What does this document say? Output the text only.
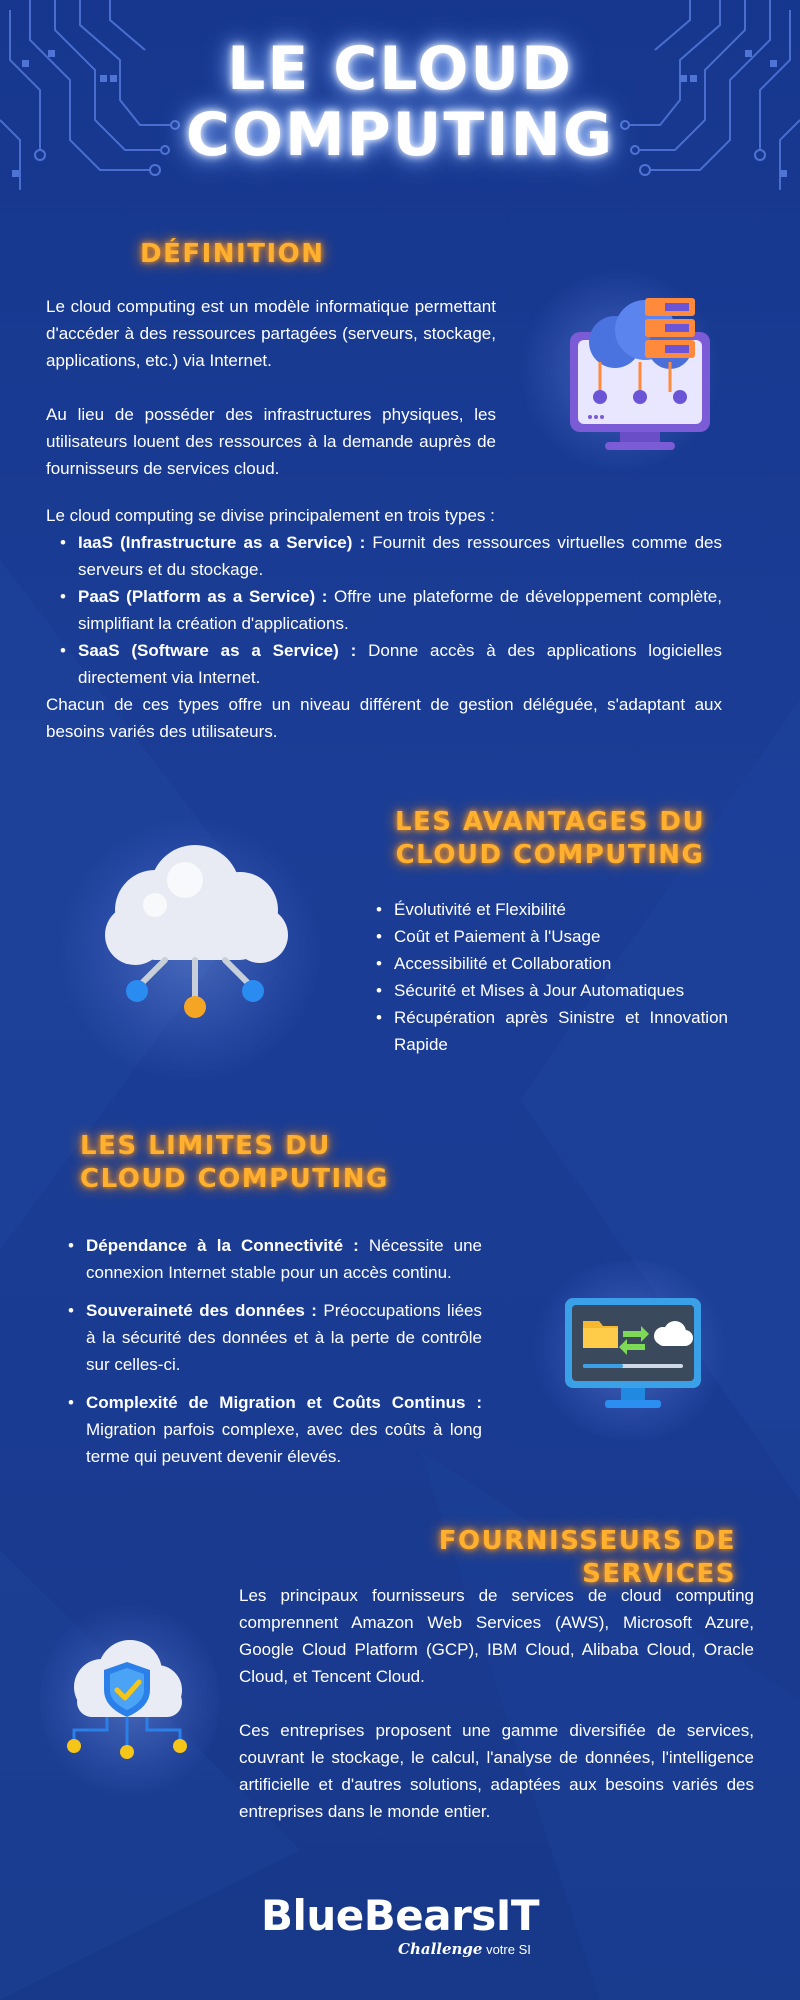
LE CLOUD
COMPUTING
DÉFINITION

Le cloud computing est un modèle informatique permettant d'accéder à des ressources partagées (serveurs, stockage, applications, etc.) via Internet.

Au lieu de posséder des infrastructures physiques, les utilisateurs louent des ressources à la demande auprès de fournisseurs de services cloud.

Le cloud computing se divise principalement en trois types :

• IaaS (Infrastructure as a Service) : Fournit des ressources virtuelles comme des serveurs et du stockage.
• PaaS (Platform as a Service) : Offre une plateforme de développement complète, simplifiant la création d'applications.
• SaaS (Software as a Service) : Donne accès à des applications logicielles directement via Internet.

Chacun de ces types offre un niveau différent de gestion déléguée, s'adaptant aux besoins variés des utilisateurs.

LES AVANTAGES DU
CLOUD COMPUTING
• Évolutivité et Flexibilité
• Coût et Paiement à l'Usage
• Accessibilité et Collaboration
• Sécurité et Mises à Jour Automatiques
• Récupération après Sinistre et Innovation Rapide
LES LIMITES DU
CLOUD COMPUTING
• Dépendance à la Connectivité : Nécessite une connexion Internet stable pour un accès continu.
• Souveraineté des données : Préoccupations liées à la sécurité des données et à la perte de contrôle sur celles-ci.
• Complexité de Migration et Coûts Continus : Migration parfois complexe, avec des coûts à long terme qui peuvent devenir élevés.
FOURNISSEURS DE SERVICES

Les principaux fournisseurs de services de cloud computing comprennent Amazon Web Services (AWS), Microsoft Azure, Google Cloud Platform (GCP), IBM Cloud, Alibaba Cloud, Oracle Cloud, et Tencent Cloud.

Ces entreprises proposent une gamme diversifiée de services, couvrant le stockage, le calcul, l'analyse de données, l'intelligence artificielle et d'autres solutions, adaptées aux besoins variés des entreprises dans le monde entier.

BlueBearsIT
Challenge votre SI
